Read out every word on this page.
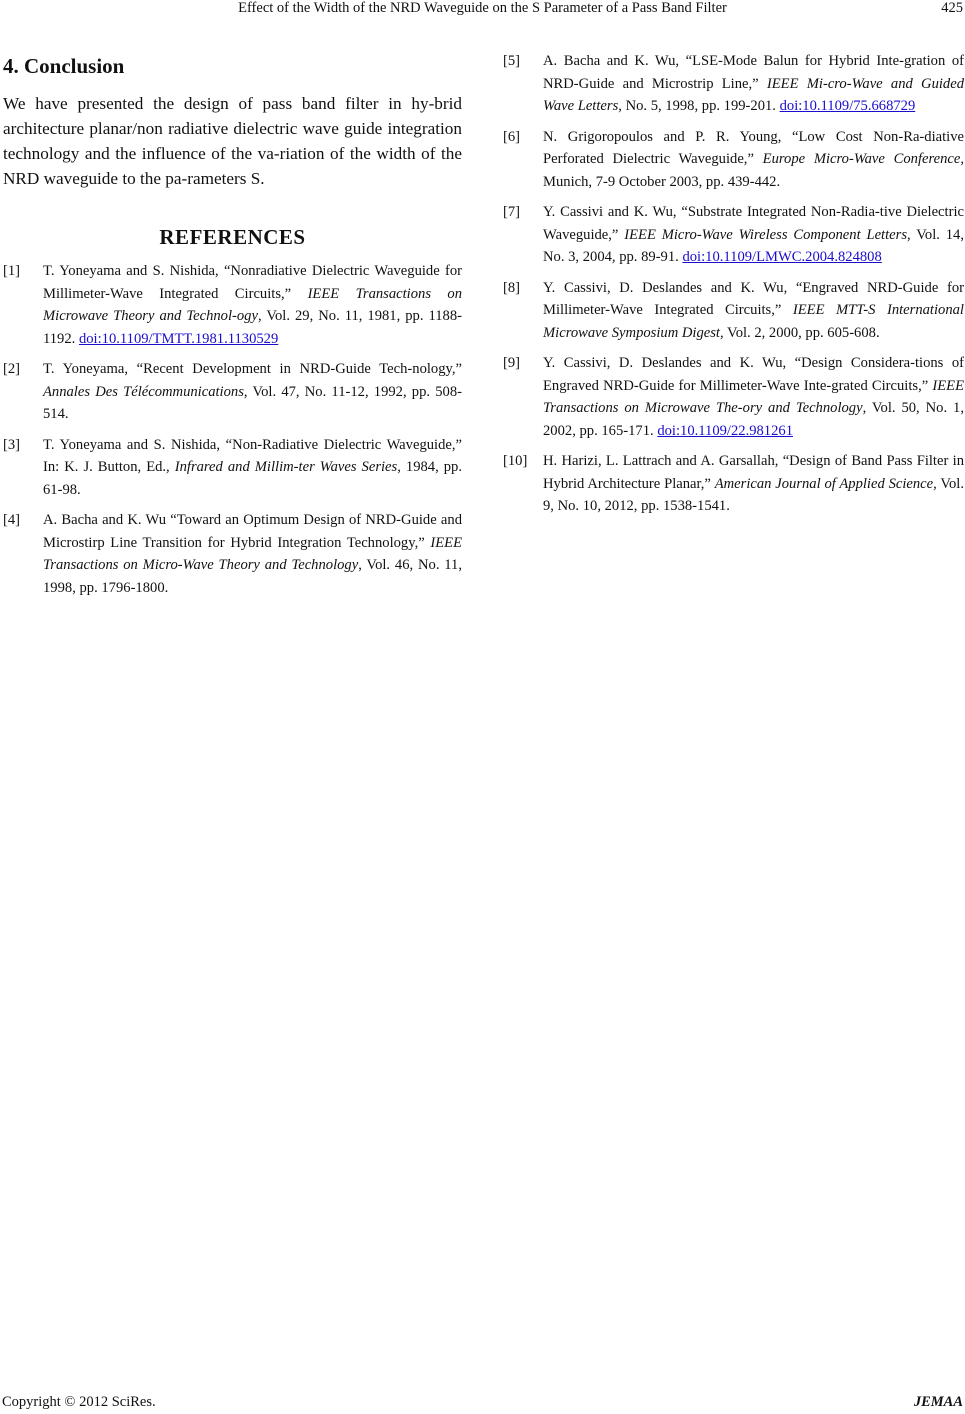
Effect of the Width of the NRD Waveguide on the S Parameter of a Pass Band Filter	425
4. Conclusion

We have presented the design of pass band filter in hy-brid architecture planar/non radiative dielectric wave guide integration technology and the influence of the va-riation of the width of the NRD waveguide to the pa-rameters S.

REFERENCES
[1]	T. Yoneyama and S. Nishida, “Nonradiative Dielectric Waveguide for Millimeter-Wave Integrated Circuits,” IEEE Transactions on Microwave Theory and Technol-ogy, Vol. 29, No. 11, 1981, pp. 1188-1192. doi:10.1109/TMTT.1981.1130529
[2]	T. Yoneyama, “Recent Development in NRD-Guide Tech-nology,” Annales Des Télécommunications, Vol. 47, No. 11-12, 1992, pp. 508-514.
[3]	T. Yoneyama and S. Nishida, “Non-Radiative Dielectric Waveguide,” In: K. J. Button, Ed., Infrared and Millim-ter Waves Series, 1984, pp. 61-98.
[4]	A. Bacha and K. Wu “Toward an Optimum Design of NRD-Guide and Microstirp Line Transition for Hybrid Integration Technology,” IEEE Transactions on Micro-Wave Theory and Technology, Vol. 46, No. 11, 1998, pp. 1796-1800.
[5]	A. Bacha and K. Wu, “LSE-Mode Balun for Hybrid Inte-gration of NRD-Guide and Microstrip Line,” IEEE Mi-cro-Wave and Guided Wave Letters, No. 5, 1998, pp. 199-201. doi:10.1109/75.668729
[6]	N. Grigoropoulos and P. R. Young, “Low Cost Non-Ra-diative Perforated Dielectric Waveguide,” Europe Micro-Wave Conference, Munich, 7-9 October 2003, pp. 439-442.
[7]	Y. Cassivi and K. Wu, “Substrate Integrated Non-Radia-tive Dielectric Waveguide,” IEEE Micro-Wave Wireless Component Letters, Vol. 14, No. 3, 2004, pp. 89-91. doi:10.1109/LMWC.2004.824808
[8]	Y. Cassivi, D. Deslandes and K. Wu, “Engraved NRD-Guide for Millimeter-Wave Integrated Circuits,” IEEE MTT-S International Microwave Symposium Digest, Vol. 2, 2000, pp. 605-608.
[9]	Y. Cassivi, D. Deslandes and K. Wu, “Design Considera-tions of Engraved NRD-Guide for Millimeter-Wave Inte-grated Circuits,” IEEE Transactions on Microwave The-ory and Technology, Vol. 50, No. 1, 2002, pp. 165-171. doi:10.1109/22.981261
[10]	H. Harizi, L. Lattrach and A. Garsallah, “Design of Band Pass Filter in Hybrid Architecture Planar,” American Journal of Applied Science, Vol. 9, No. 10, 2012, pp. 1538-1541.
Copyright © 2012 SciRes.	JEMAA
